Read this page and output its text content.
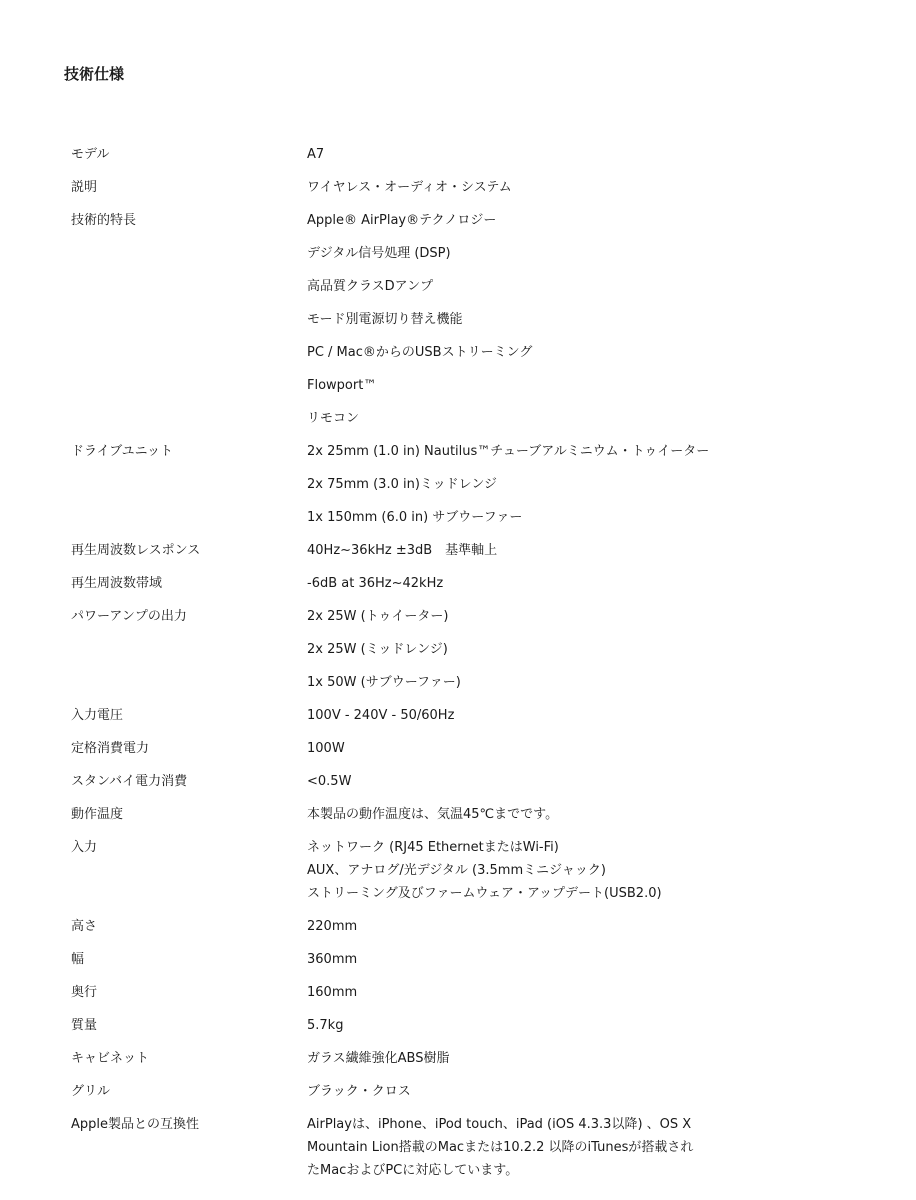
技術仕様
モデル	A7
説明	ワイヤレス・オーディオ・システム
技術的特長	Apple® AirPlay®テクノロジー
デジタル信号処理 (DSP)
高品質クラスDアンプ
モード別電源切り替え機能
PC / Mac®からのUSBストリーミング
Flowport™
リモコン
ドライブユニット	2x 25mm (1.0 in) Nautilus™チューブアルミニウム・トゥイーター
2x 75mm (3.0 in)ミッドレンジ
1x 150mm (6.0 in) サブウーファー
再生周波数レスポンス	40Hz~36kHz ±3dB　基準軸上
再生周波数帯域	-6dB at 36Hz~42kHz
パワーアンプの出力	2x 25W (トゥイーター)
2x 25W (ミッドレンジ)
1x 50W (サブウーファー)
入力電圧	100V - 240V - 50/60Hz
定格消費電力	100W
スタンバイ電力消費	<0.5W
動作温度	本製品の動作温度は、気温45℃までです。
入力	ネットワーク (RJ45 EthernetまたはWi-Fi)
AUX、アナログ/光デジタル (3.5mmミニジャック)
ストリーミング及びファームウェア・アップデート(USB2.0)
高さ	220mm
幅	360mm
奥行	160mm
質量	5.7kg
キャビネット	ガラス繊維強化ABS樹脂
グリル	ブラック・クロス
Apple製品との互換性	AirPlayは、iPhone、iPod touch、iPad (iOS 4.3.3以降) 、OS X
Mountain Lion搭載のMacまたは10.2.2 以降のiTunesが搭載され
たMacおよびPCに対応しています。
